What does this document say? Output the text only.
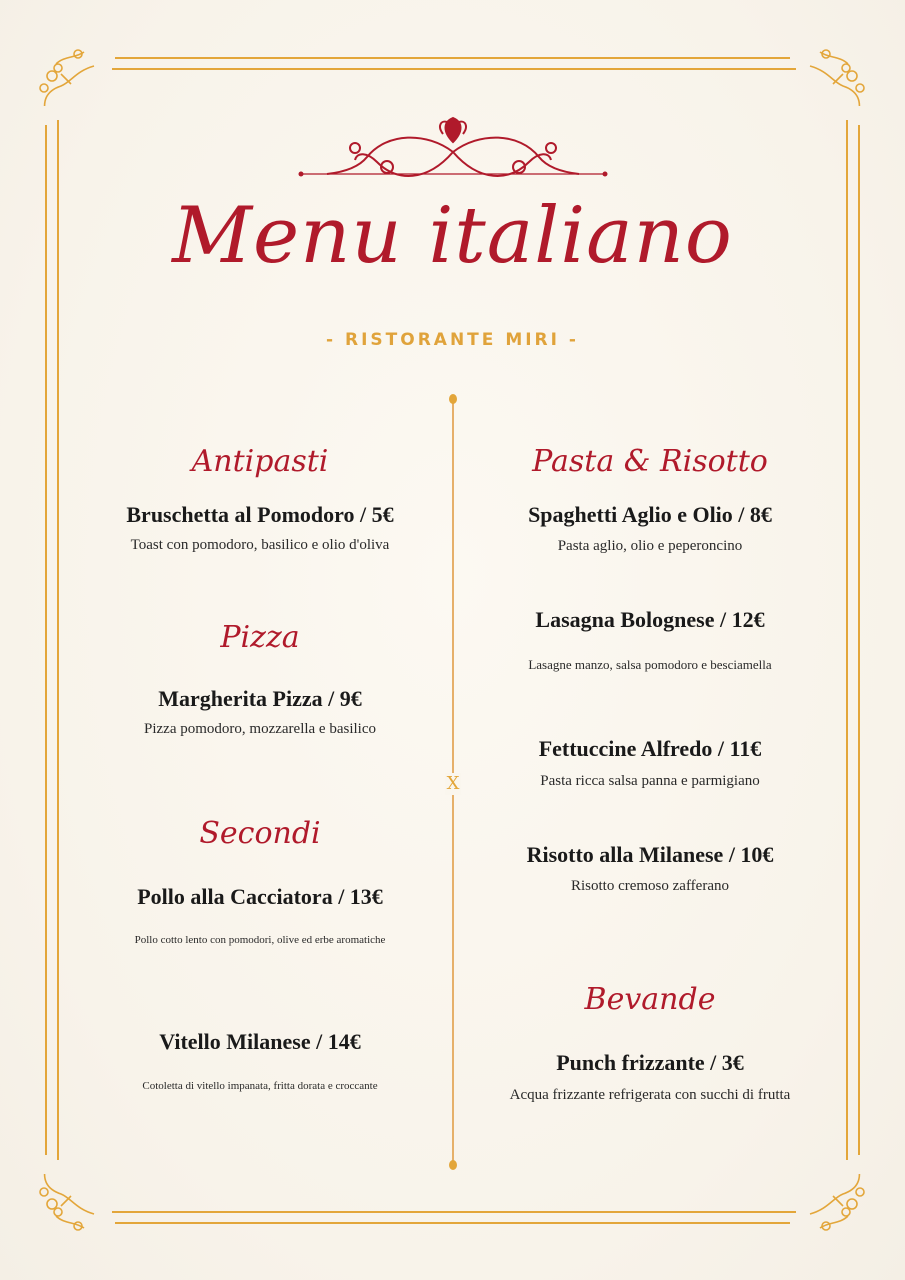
Menu italiano
- RISTORANTE MIRI -
X
Antipasti
Bruschetta al Pomodoro / 5€
Toast con pomodoro, basilico e olio d'oliva
Pizza
Margherita Pizza / 9€
Pizza pomodoro, mozzarella e basilico
Secondi
Pollo alla Cacciatora / 13€
Pollo cotto lento con pomodori, olive ed erbe aromatiche
Vitello Milanese / 14€
Cotoletta di vitello impanata, fritta dorata e croccante
Pasta & Risotto
Spaghetti Aglio e Olio / 8€
Pasta aglio, olio e peperoncino
Lasagna Bolognese / 12€
Lasagne manzo, salsa pomodoro e besciamella
Fettuccine Alfredo / 11€
Pasta ricca salsa panna e parmigiano
Risotto alla Milanese / 10€
Risotto cremoso zafferano
Bevande
Punch frizzante / 3€
Acqua frizzante refrigerata con succhi di frutta
